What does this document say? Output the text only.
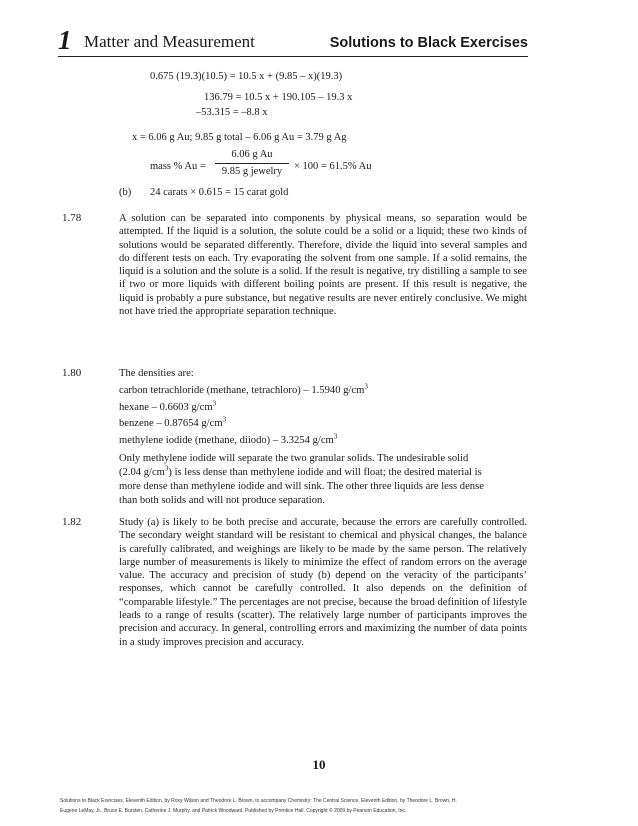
1 Matter and Measurement	Solutions to Black Exercises
0.675 (19.3)(10.5) = 10.5 x + (9.85 – x)(19.3)
136.79 = 10.5 x + 190.105 – 19.3 x
–53.315 = –8.8 x
x = 6.06 g Au; 9.85 g total – 6.06 g Au = 3.79 g Ag
mass % Au =
6.06 g Au
9.85 g jewelry	× 100 = 61.5% Au
(b) 24 carats × 0.615 = 15 carat gold
1.78	A solution can be separated into components by physical means, so separation would be attempted. If the liquid is a solution, the solute could be a solid or a liquid; these two kinds of solutions would be separated differently. Therefore, divide the liquid into several samples and do different tests on each. Try evaporating the solvent from one sample. If a solid remains, the liquid is a solution and the solute is a solid. If the result is negative, try distilling a sample to see if two or more liquids with different boiling points are present. If this result is negative, the liquid is probably a pure substance, but negative results are never entirely conclusive. We might not have tried the appropriate separation technique.

1.80	The densities are:
carbon tetrachloride (methane, tetrachloro) – 1.5940 $g/cm^3$
hexane – 0.6603 $g/cm^3$
benzene – 0.87654 $g/cm^3$
methylene iodide (methane, diiodo) – 3.3254 $g/cm^3$
Only methylene iodide will separate the two granular solids. The undesirable solid
(2.04 $g/cm^3$) is less dense than methylene iodide and will float; the desired material is
more dense than methylene iodide and will sink. The other three liquids are less dense
than both solids and will not produce separation.
1.82	Study (a) is likely to be both precise and accurate, because the errors are carefully controlled. The secondary weight standard will be resistant to chemical and physical changes, the balance is carefully calibrated, and weighings are likely to be made by the same person. The relatively large number of measurements is likely to minimize the effect of random errors on the average value. The accuracy and precision of study (b) depend on the veracity of the participants’ responses, which cannot be carefully controlled. It also depends on the definition of “comparable lifestyle.” The percentages are not precise, because the broad definition of lifestyle leads to a range of results (scatter). The relatively large number of participants improves the precision and accuracy. In general, controlling errors and maximizing the number of data points in a study improves precision and accuracy.

10
Solutions to Black Exercises, Eleventh Edition, by Roxy Wilson and Theodore L. Brown, to accompany Chemistry: The Central Science, Eleventh Edition, by Theodore L. Brown, H.
Eugene LeMay, Jr., Bruce E. Bursten, Catherine J. Murphy, and Patrick Woodward. Published by Prentice Hall. Copyright © 2009 by Pearson Education, Inc.
